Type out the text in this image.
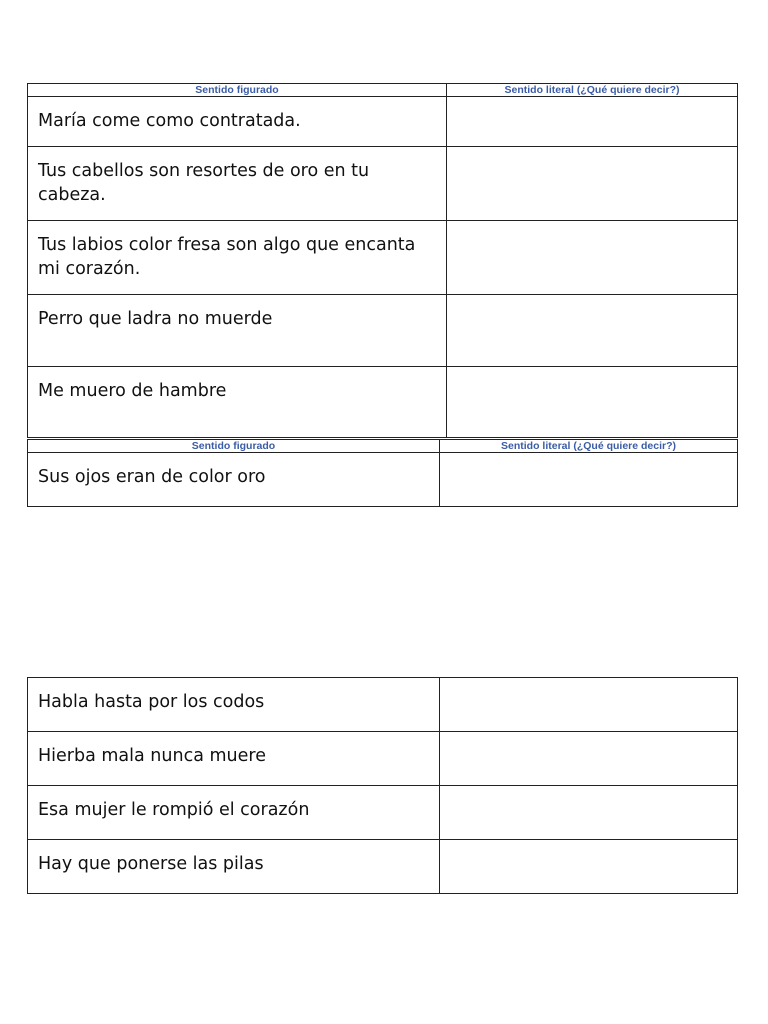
Sentido figurado	Sentido literal (¿Qué quiere decir?)
María come como contratada.	
Tus cabellos son resortes de oro en tu cabeza.	
Tus labios color fresa son algo que encanta mi corazón.	
Perro que ladra no muerde	
Me muero de hambre	
Sentido figurado	Sentido literal (¿Qué quiere decir?)
Sus ojos eran de color oro	
Habla hasta por los codos	
Hierba mala nunca muere	
Esa mujer le rompió el corazón	
Hay que ponerse las pilas	
